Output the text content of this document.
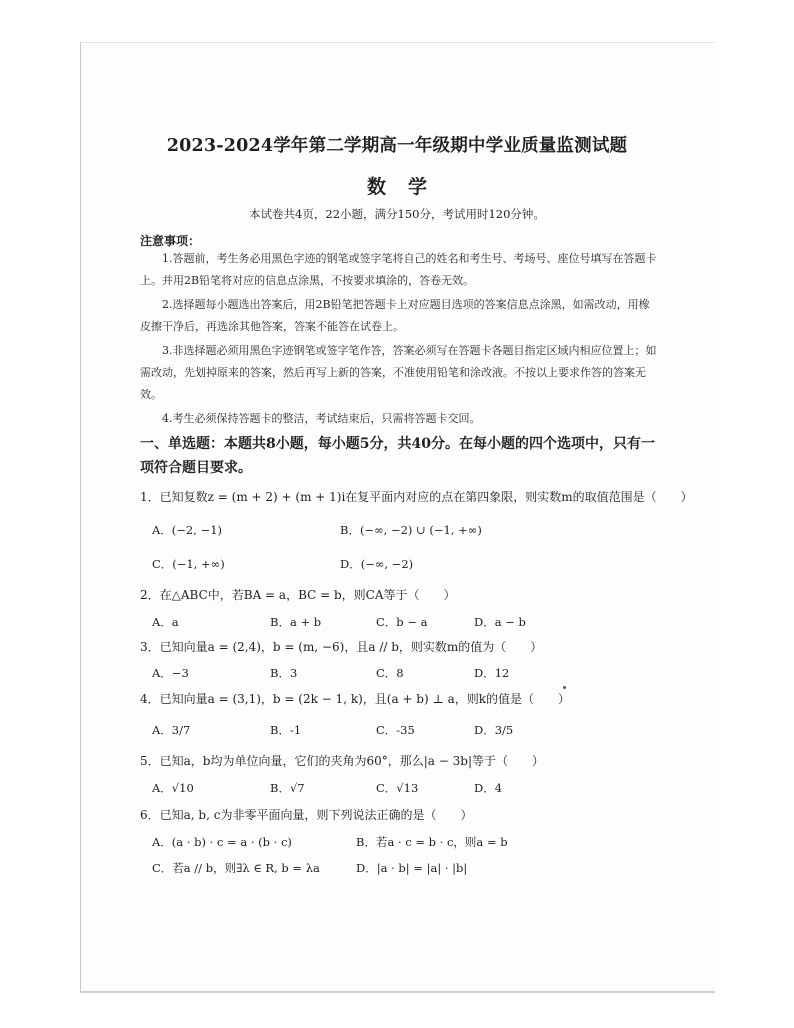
2023-2024学年第二学期高一年级期中学业质量监测试题
数学
本试卷共4页，22小题，满分150分，考试用时120分钟。
注意事项：
1.答题前，考生务必用黑色字迹的钢笔或签字笔将自己的姓名和考生号、考场号、座位号填写在答题卡上。并用2B铅笔将对应的信息点涂黑，不按要求填涂的，答卷无效。
2.选择题每小题选出答案后，用2B铅笔把答题卡上对应题目选项的答案信息点涂黑，如需改动，用橡皮擦干净后，再选涂其他答案，答案不能答在试卷上。
3.非选择题必须用黑色字迹钢笔或签字笔作答，答案必须写在答题卡各题目指定区域内相应位置上；如需改动，先划掉原来的答案，然后再写上新的答案，不准使用铅笔和涂改液。不按以上要求作答的答案无效。
4.考生必须保持答题卡的整洁，考试结束后，只需将答题卡交回。
一、单选题：本题共8小题，每小题5分，共40分。在每小题的四个选项中，只有一项符合题目要求。
1．已知复数z = (m + 2) + (m + 1)i在复平面内对应的点在第四象限，则实数m的取值范围是（　　）
A．(−2, −1)	B．(−∞, −2) ∪ (−1, +∞)
C．(−1, +∞)	D．(−∞, −2)
2．在△ABC中，若BA = a，BC = b，则CA等于（　　）
A．a	B．a + b	C．b − a	D．a − b
3．已知向量a = (2,4)，b = (m, −6)，且a // b，则实数m的值为（　　）
A．−3	B．3	C．8	D．12
4．已知向量a = (3,1)，b = (2k − 1, k)，且(a + b) ⊥ a，则k的值是（　　）
A．3/7	B．-1	C．-35	D．3/5
5．已知a，b均为单位向量，它们的夹角为60°，那么|a − 3b|等于（　　）
A．√10	B．√7	C．√13	D．4
6．已知a, b, c为非零平面向量，则下列说法正确的是（　　）
A．(a · b) · c = a · (b · c)	B．若a · c = b · c，则a = b
C．若a // b，则∃λ ∈ R, b = λa	D．|a · b| = |a| · |b|
